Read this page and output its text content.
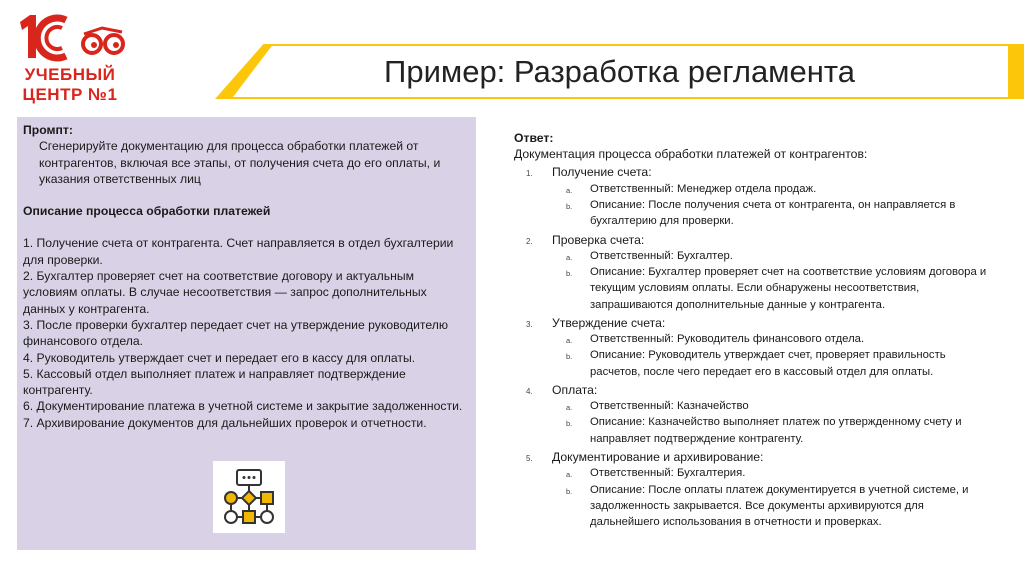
УЧЕБНЫЙ
ЦЕНТР №1
Пример: Разработка регламента
Промпт:
Сгенерируйте документацию для процесса обработки платежей от контрагентов, включая все этапы, от получения счета до его оплаты, и указания ответственных лиц
Описание процесса обработки платежей
1. Получение счета от контрагента. Счет направляется в отдел бухгалтерии для проверки.
2. Бухгалтер проверяет счет на соответствие договору и актуальным условиям оплаты. В случае несоответствия — запрос дополнительных данных у контрагента.
3. После проверки бухгалтер передает счет на утверждение руководителю финансового отдела.
4. Руководитель утверждает счет и передает его в кассу для оплаты.
5. Кассовый отдел выполняет платеж и направляет подтверждение контрагенту.
6. Документирование платежа в учетной системе и закрытие задолженности.
7. Архивирование документов для дальнейших проверок и отчетности.
Ответ:
Документация процесса обработки платежей от контрагентов:
1. Получение счета:
a. Ответственный: Менеджер отдела продаж.
b. Описание: После получения счета от контрагента, он направляется в бухгалтерию для проверки.
2. Проверка счета:
a. Ответственный: Бухгалтер.
b. Описание: Бухгалтер проверяет счет на соответствие условиям договора и текущим условиям оплаты. Если обнаружены несоответствия, запрашиваются дополнительные данные у контрагента.
3. Утверждение счета:
a. Ответственный: Руководитель финансового отдела.
b. Описание: Руководитель утверждает счет, проверяет правильность расчетов, после чего передает его в кассовый отдел для оплаты.
4. Оплата:
a. Ответственный: Казначейство
b. Описание: Казначейство выполняет платеж по утвержденному счету и направляет подтверждение контрагенту.
5. Документирование и архивирование:
a. Ответственный: Бухгалтерия.
b. Описание: После оплаты платеж документируется в учетной системе, и задолженность закрывается. Все документы архивируются для дальнейшего использования в отчетности и проверках.
